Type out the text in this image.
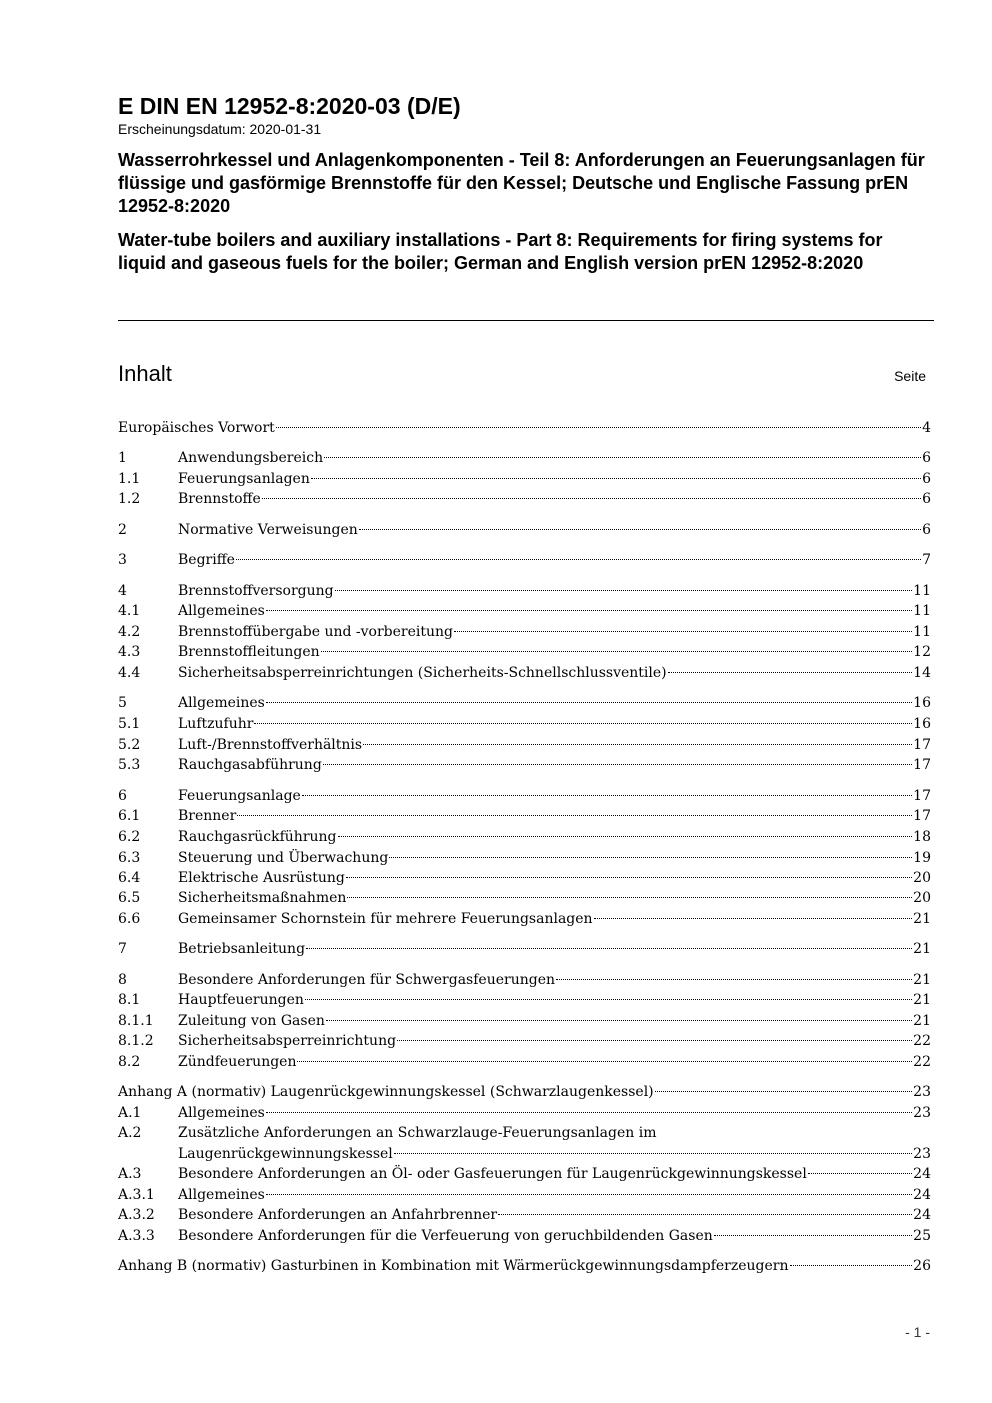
E DIN EN 12952-8:2020-03 (D/E)

Erscheinungsdatum: 2020-01-31

Wasserrohrkessel und Anlagenkomponenten - Teil 8: Anforderungen an Feuerungsanlagen für flüssige und gasförmige Brennstoffe für den Kessel; Deutsche und Englische Fassung prEN 12952-8:2020

Water-tube boilers and auxiliary installations - Part 8: Requirements for firing systems for liquid and gaseous fuels for the boiler; German and English version prEN 12952-8:2020

Inhalt	Seite
Europäisches Vorwort	4
1	Anwendungsbereich	6
1.1	Feuerungsanlagen	6
1.2	Brennstoffe	6
2	Normative Verweisungen	6
3	Begriffe	7
4	Brennstoffversorgung	11
4.1	Allgemeines	11
4.2	Brennstoffübergabe und -vorbereitung	11
4.3	Brennstoffleitungen	12
4.4	Sicherheitsabsperreinrichtungen (Sicherheits-Schnellschlussventile)	14
5	Allgemeines	16
5.1	Luftzufuhr	16
5.2	Luft-/Brennstoffverhältnis	17
5.3	Rauchgasabführung	17
6	Feuerungsanlage	17
6.1	Brenner	17
6.2	Rauchgasrückführung	18
6.3	Steuerung und Überwachung	19
6.4	Elektrische Ausrüstung	20
6.5	Sicherheitsmaßnahmen	20
6.6	Gemeinsamer Schornstein für mehrere Feuerungsanlagen	21
7	Betriebsanleitung	21
8	Besondere Anforderungen für Schwergasfeuerungen	21
8.1	Hauptfeuerungen	21
8.1.1 Zuleitung von Gasen	21
8.1.2 Sicherheitsabsperreinrichtung	22
8.2	Zündfeuerungen	22
Anhang A (normativ) Laugenrückgewinnungskessel (Schwarzlaugenkessel)	23
A.1	Allgemeines	23
A.2	Zusätzliche Anforderungen an Schwarzlauge-Feuerungsanlagen im
Laugenrückgewinnungskessel	23
A.3	Besondere Anforderungen an Öl- oder Gasfeuerungen für Laugenrückgewinnungskessel	24
A.3.1 Allgemeines	24
A.3.2 Besondere Anforderungen an Anfahrbrenner	24
A.3.3 Besondere Anforderungen für die Verfeuerung von geruchbildenden Gasen	25
Anhang B (normativ) Gasturbinen in Kombination mit Wärmerückgewinnungsdampferzeugern	26
- 1 -
